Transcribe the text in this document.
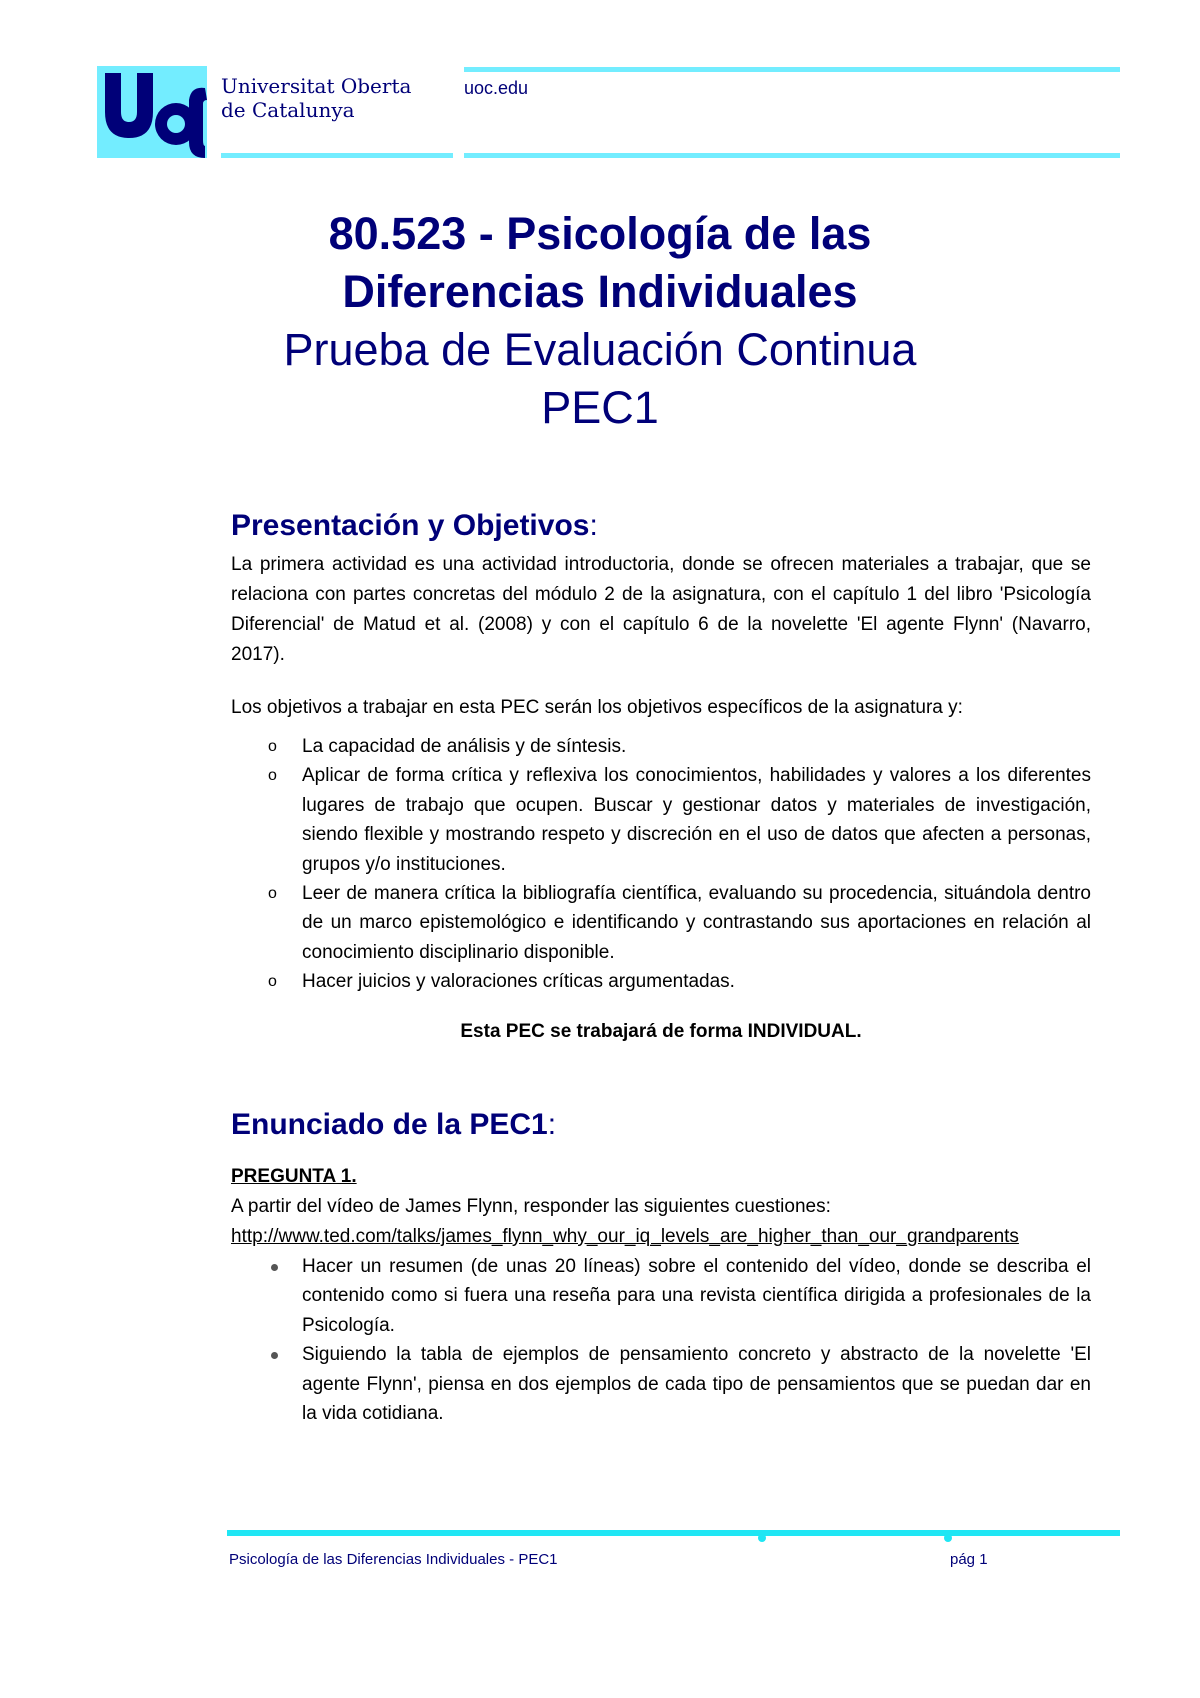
Universitat Oberta
de Catalunya
uoc.edu
80.523 - Psicología de las
Diferencias Individuales
Prueba de Evaluación Continua
PEC1
Presentación y Objetivos:

La primera actividad es una actividad introductoria, donde se ofrecen materiales a trabajar, que se relaciona con partes concretas del módulo 2 de la asignatura, con el capítulo 1 del libro 'Psicología Diferencial' de Matud et al. (2008) y con el capítulo 6 de la novelette 'El agente Flynn' (Navarro, 2017).

Los objetivos a trabajar en esta PEC serán los objetivos específicos de la asignatura y:

o La capacidad de análisis y de síntesis.
o Aplicar de forma crítica y reflexiva los conocimientos, habilidades y valores a los diferentes lugares de trabajo que ocupen. Buscar y gestionar datos y materiales de investigación, siendo flexible y mostrando respeto y discreción en el uso de datos que afecten a personas, grupos y/o instituciones.
o Leer de manera crítica la bibliografía científica, evaluando su procedencia, situándola dentro de un marco epistemológico e identificando y contrastando sus aportaciones en relación al conocimiento disciplinario disponible.
o Hacer juicios y valoraciones críticas argumentadas.
Esta PEC se trabajará de forma INDIVIDUAL.
Enunciado de la PEC1:
PREGUNTA 1.

A partir del vídeo de James Flynn, responder las siguientes cuestiones:

http://www.ted.com/talks/james_flynn_why_our_iq_levels_are_higher_than_our_grandparents
Hacer un resumen (de unas 20 líneas) sobre el contenido del vídeo, donde se describa el contenido como si fuera una reseña para una revista científica dirigida a profesionales de la Psicología.
Siguiendo la tabla de ejemplos de pensamiento concreto y abstracto de la novelette 'El agente Flynn', piensa en dos ejemplos de cada tipo de pensamientos que se puedan dar en la vida cotidiana.
Psicología de las Diferencias Individuales - PEC1	pág 1
